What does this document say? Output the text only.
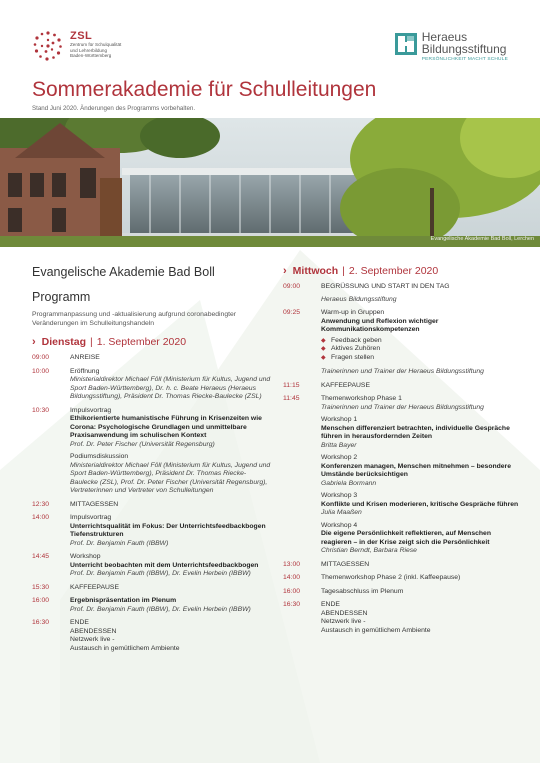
ZSL
Zentrum für Schulqualität
und Lehrerbildung
Baden-Württemberg
Heraeus
Bildungsstiftung
PERSÖNLICHKEIT MACHT SCHULE
Sommerakademie für Schulleitungen
Stand Juni 2020. Änderungen des Programms vorbehalten.
Evangelische Akademie Bad Boll, Lerchen
Evangelische Akademie Bad Boll
Programm
Programmanpassung und -aktualisierung aufgrund coronabedingter Veränderungen im Schulleitungshandeln
› Dienstag | 1. September 2020
09:00	ANREISE
10:00	Eröffnung
Ministerialdirektor Michael Föll (Ministerium für Kultus, Jugend und Sport Baden-Württemberg), Dr. h. c. Beate Heraeus (Heraeus Bildungsstiftung), Präsident Dr. Thomas Riecke-Baulecke (ZSL)
10:30	Impulsvortrag
Ethikorientierte humanistische Führung in Krisenzeiten wie Corona: Psychologische Grundlagen und unmittelbare Praxisanwendung im schulischen Kontext
Prof. Dr. Peter Fischer (Universität Regensburg)
Podiumsdiskussion
Ministerialdirektor Michael Föll (Ministerium für Kultus, Jugend und Sport Baden-Württemberg), Präsident Dr. Thomas Riecke-Baulecke (ZSL), Prof. Dr. Peter Fischer (Universität Regensburg), Vertreterinnen und Vertreter von Schulleitungen
12:30	MITTAGESSEN
14:00	Impulsvortrag
Unterrichtsqualität im Fokus: Der Unterrichtsfeedbackbogen Tiefenstrukturen
Prof. Dr. Benjamin Fauth (IBBW)
14:45	Workshop
Unterricht beobachten mit dem Unterrichtsfeedbackbogen
Prof. Dr. Benjamin Fauth (IBBW), Dr. Evelin Herbein (IBBW)
15:30	KAFFEEPAUSE
16:00	Ergebnispräsentation im Plenum
Prof. Dr. Benjamin Fauth (IBBW), Dr. Evelin Herbein (IBBW)
16:30	ENDE
ABENDESSEN
Netzwerk live -
Austausch in gemütlichem Ambiente
› Mittwoch | 2. September 2020
09:00	BEGRÜSSUNG UND START IN DEN TAG
Heraeus Bildungsstiftung
09:25	Warm-up in Gruppen
Anwendung und Reflexion wichtiger Kommunikationskompetenzen
◆ Feedback geben
◆ Aktives Zuhören
◆ Fragen stellen
Trainerinnen und Trainer der Heraeus Bildungsstiftung
11:15	KAFFEEPAUSE
11:45	Themenworkshop Phase 1
Trainerinnen und Trainer der Heraeus Bildungsstiftung
Workshop 1
Menschen differenziert betrachten, individuelle Gespräche führen in herausfordernden Zeiten
Britta Bayer
Workshop 2
Konferenzen managen, Menschen mitnehmen – besondere Umstände berücksichtigen
Gabriela Bormann
Workshop 3
Konflikte und Krisen moderieren, kritische Gespräche führen
Julia Maaßen
Workshop 4
Die eigene Persönlichkeit reflektieren, auf Menschen reagieren – in der Krise zeigt sich die Persönlichkeit
Christian Berndt, Barbara Riese
13:00	MITTAGESSEN
14:00	Themenworkshop Phase 2 (inkl. Kaffeepause)
16:00	Tagesabschluss im Plenum
16:30	ENDE
ABENDESSEN
Netzwerk live -
Austausch in gemütlichem Ambiente
